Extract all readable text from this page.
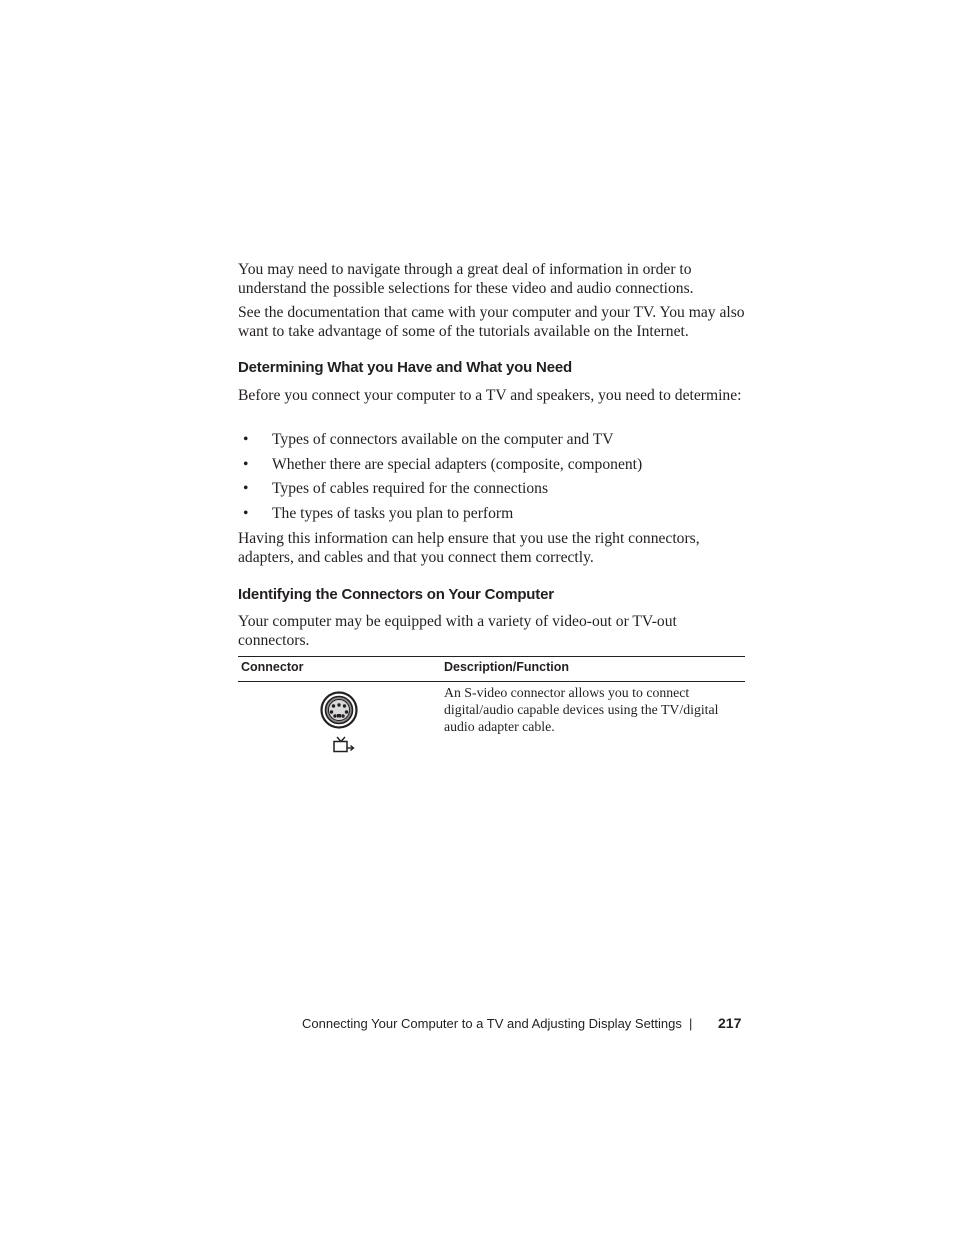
You may need to navigate through a great deal of information in order to understand the possible selections for these video and audio connections.

See the documentation that came with your computer and your TV. You may also want to take advantage of some of the tutorials available on the Internet.

Determining What you Have and What you Need

Before you connect your computer to a TV and speakers, you need to determine:

• Types of connectors available on the computer and TV
• Whether there are special adapters (composite, component)
• Types of cables required for the connections
• The types of tasks you plan to perform

Having this information can help ensure that you use the right connectors, adapters, and cables and that you connect them correctly.

Identifying the Connectors on Your Computer

Your computer may be equipped with a variety of video-out or TV-out connectors.

Connector	Description/Function
An S-video connector allows you to connect digital/audio capable devices using the TV/digital audio adapter cable.
Connecting Your Computer to a TV and Adjusting Display Settings | 217
